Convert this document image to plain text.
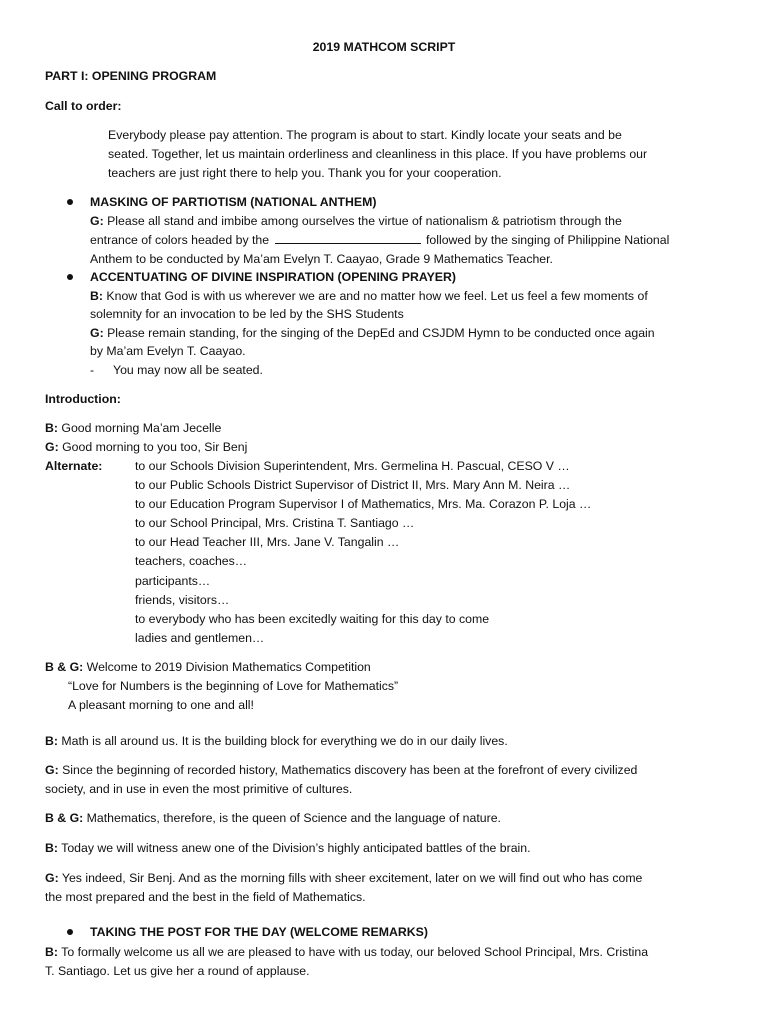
2019 MATHCOM SCRIPT
PART I: OPENING PROGRAM
Call to order:
Everybody please pay attention. The program is about to start. Kindly locate your seats and be
seated. Together, let us maintain orderliness and cleanliness in this place. If you have problems our
teachers are just right there to help you. Thank you for your cooperation.
MASKING OF PARTIOTISM (NATIONAL ANTHEM)
G: Please all stand and imbibe among ourselves the virtue of nationalism & patriotism through the
entrance of colors headed by the	followed by the singing of Philippine National
Anthem to be conducted by Ma’am Evelyn T. Caayao, Grade 9 Mathematics Teacher.
ACCENTUATING OF DIVINE INSPIRATION (OPENING PRAYER)
B: Know that God is with us wherever we are and no matter how we feel. Let us feel a few moments of
solemnity for an invocation to be led by the SHS Students
G: Please remain standing, for the singing of the DepEd and CSJDM Hymn to be conducted once again
by Ma’am Evelyn T. Caayao.
- You may now all be seated.
Introduction:
B: Good morning Ma’am Jecelle
G: Good morning to you too, Sir Benj
Alternate:	to our Schools Division Superintendent, Mrs. Germelina H. Pascual, CESO V …
to our Public Schools District Supervisor of District II, Mrs. Mary Ann M. Neira …
to our Education Program Supervisor I of Mathematics, Mrs. Ma. Corazon P. Loja …
to our School Principal, Mrs. Cristina T. Santiago …
to our Head Teacher III, Mrs. Jane V. Tangalin …
teachers, coaches…
participants…
friends, visitors…
to everybody who has been excitedly waiting for this day to come
ladies and gentlemen…
B & G: Welcome to 2019 Division Mathematics Competition
“Love for Numbers is the beginning of Love for Mathematics”
A pleasant morning to one and all!
B: Math is all around us. It is the building block for everything we do in our daily lives.
G: Since the beginning of recorded history, Mathematics discovery has been at the forefront of every civilized
society, and in use in even the most primitive of cultures.
B & G: Mathematics, therefore, is the queen of Science and the language of nature.
B: Today we will witness anew one of the Division’s highly anticipated battles of the brain.
G: Yes indeed, Sir Benj. And as the morning fills with sheer excitement, later on we will find out who has come
the most prepared and the best in the field of Mathematics.
TAKING THE POST FOR THE DAY (WELCOME REMARKS)
B: To formally welcome us all we are pleased to have with us today, our beloved School Principal, Mrs. Cristina
T. Santiago. Let us give her a round of applause.
